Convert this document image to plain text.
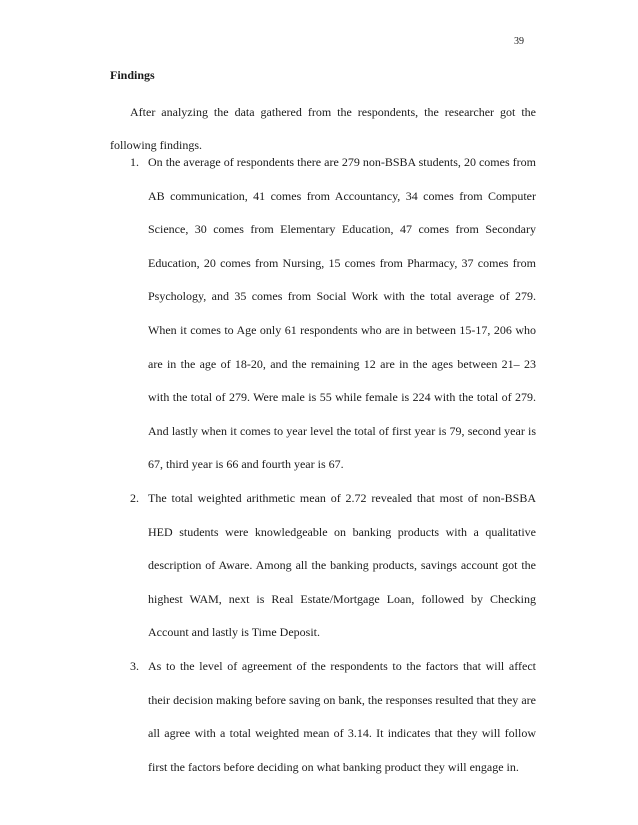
39
Findings

After analyzing the data gathered from the respondents, the researcher got the following findings.

1. On the average of respondents there are 279 non-BSBA students, 20 comes from AB communication, 41 comes from Accountancy, 34 comes from Computer Science, 30 comes from Elementary Education, 47 comes from Secondary Education, 20 comes from Nursing, 15 comes from Pharmacy, 37 comes from Psychology, and 35 comes from Social Work with the total average of 279. When it comes to Age only 61 respondents who are in between 15-17, 206 who are in the age of 18-20, and the remaining 12 are in the ages between 21– 23 with the total of 279. Were male is 55 while female is 224 with the total of 279. And lastly when it comes to year level the total of first year is 79, second year is 67, third year is 66 and fourth year is 67.
2. The total weighted arithmetic mean of 2.72 revealed that most of non-BSBA HED students were knowledgeable on banking products with a qualitative description of Aware. Among all the banking products, savings account got the highest WAM, next is Real Estate/Mortgage Loan, followed by Checking Account and lastly is Time Deposit.
3. As to the level of agreement of the respondents to the factors that will affect their decision making before saving on bank, the responses resulted that they are all agree with a total weighted mean of 3.14. It indicates that they will follow first the factors before deciding on what banking product they will engage in.
